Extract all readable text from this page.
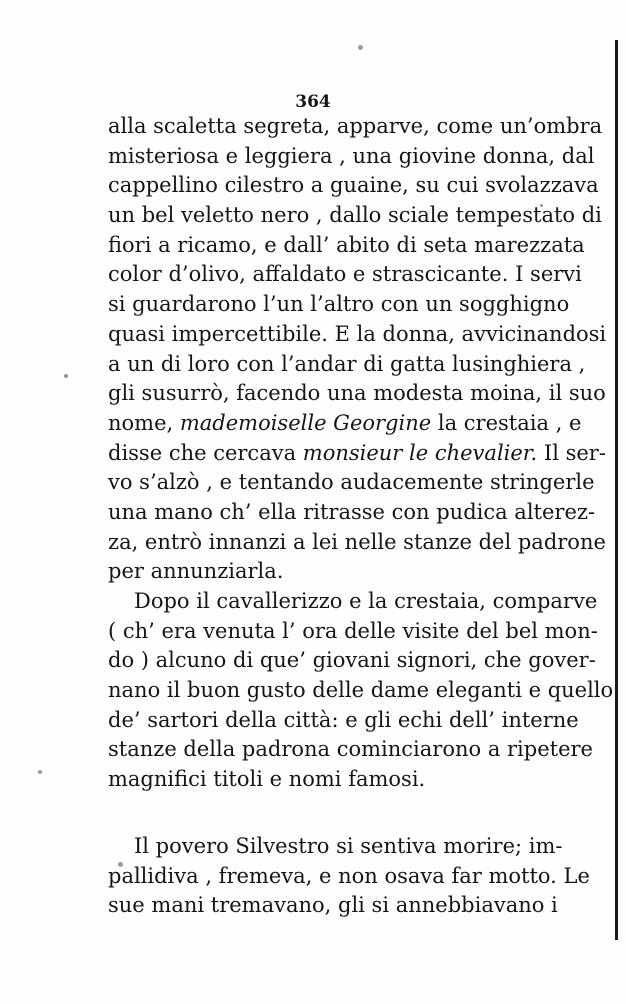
364
alla scaletta segreta, apparve, come un’ombra
misteriosa e leggiera , una giovine donna, dal
cappellino cilestro a guaine, su cui svolazzava
un bel veletto nero , dallo sciale tempestato di
fiori a ricamo, e dall’ abito di seta marezzata
color d’olivo, affaldato e strascicante. I servi
si guardarono l’un l’altro con un sogghigno
quasi impercettibile. E la donna, avvicinandosi
a un di loro con l’andar di gatta lusinghiera ,
gli susurrò, facendo una modesta moina, il suo
nome, mademoiselle Georgine la crestaia , e
disse che cercava monsieur le chevalier. Il ser-
vo s’alzò , e tentando audacemente stringerle
una mano ch’ ella ritrasse con pudica alterez-
za, entrò innanzi a lei nelle stanze del padrone
per annunziarla.
Dopo il cavallerizzo e la crestaia, comparve
( ch’ era venuta l’ ora delle visite del bel mon-
do ) alcuno di que’ giovani signori, che gover-
nano il buon gusto delle dame eleganti e quello
de’ sartori della città: e gli echi dell’ interne
stanze della padrona cominciarono a ripetere
magnifici titoli e nomi famosi.
Il povero Silvestro si sentiva morire; im-
pallidiva , fremeva, e non osava far motto. Le
sue mani tremavano, gli si annebbiavano i
